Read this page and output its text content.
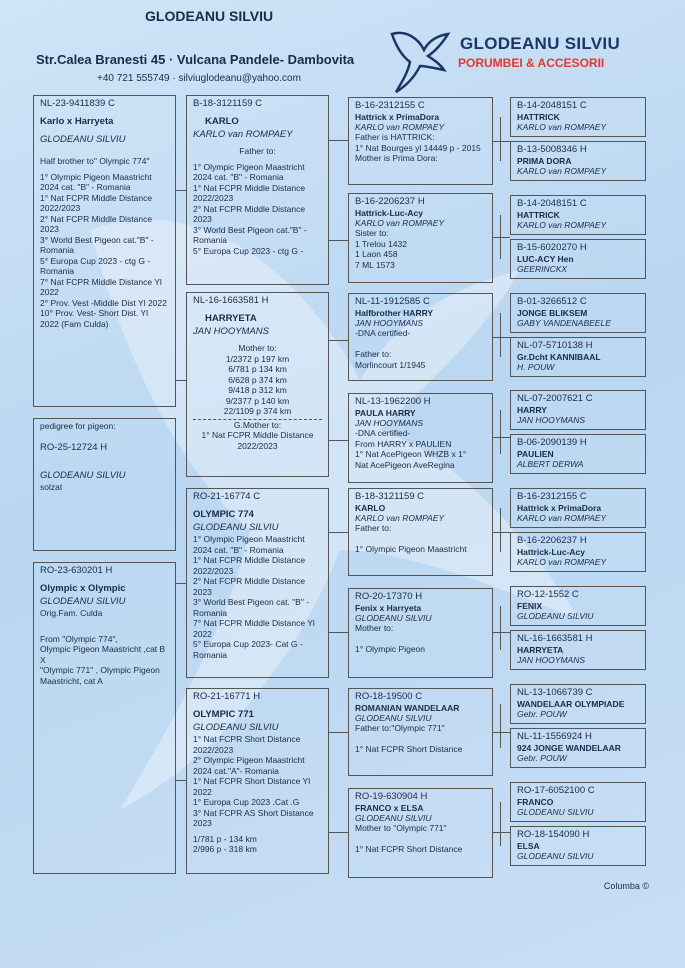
GLODEANU SILVIU
Str.Calea Branesti 45 · Vulcana Pandele- Dambovita
+40 721 555749 · silviuglodeanu@yahoo.com
GLODEANU SILVIU
PORUMBEI & ACCESORII
NL-23-9411839 C
Karlo x Harryeta
GLODEANU SILVIU
Half brother to" Olympic 774"
1° Olympic Pigeon Maastricht 2024 cat. "B" - Romania
1° Nat FCPR Middle Distance 2022/2023
2° Nat FCPR Middle Distance 2023
3° World Best Pigeon cat."B" - Romania
5° Europa Cup 2023 - ctg G - Romania
7° Nat FCPR Middle Distance Yl 2022
2° Prov. Vest -Middle Dist Yl 2022
10° Prov. Vest- Short Dist. Yl 2022 (Fam Culda)
pedigree for pigeon:
RO-25-12724 H
GLODEANU SILVIU
solzat
RO-23-630201 H
Olympic x Olympic
GLODEANU SILVIU
Orig.Fam. Culda
From "Olympic 774",
Olympic Pigeon Maastricht ,cat B
X
"Olympic 771" , Olympic Pigeon Maastricht, cat A
B-18-3121159 C
KARLO
KARLO van ROMPAEY
Father to:
1° Olympic Pigeon Maastricht 2024 cat. "B" - Romania
1° Nat FCPR Middle Distance 2022/2023
2° Nat FCPR Middle Distance 2023
3° World Best Pigeon cat."B" - Romania
5° Europa Cup 2023 - ctg G -
NL-16-1663581 H
HARRYETA
JAN HOOYMANS
Mother to:
1/2372 p 197 km
6/781 p 134 km
6/628 p 374 km
9/418 p 312 km
9/2377 p 140 km
22/1109 p 374 km
G.Mother to:
1° Nat FCPR Middle Distance 2022/2023
RO-21-16774 C
OLYMPIC 774
GLODEANU SILVIU
1° Olympic Pigeon Maastricht 2024 cat. "B" - Romania
1° Nat FCPR Middle Distance 2022/2023
2° Nat FCPR Middle Distance 2023
3° World Best Pigeon cat. "B" - Romania
7° Nat FCPR Middle Distance Yl 2022
5° Europa Cup 2023- Cat G - Romania
RO-21-16771 H
OLYMPIC 771
GLODEANU SILVIU
1° Nat FCPR Short Distance 2022/2023
2° Olympic Pigeon Maastricht 2024 cat."A"- Romania
1° Nat FCPR Short Distance Yl 2022
1° Europa Cup 2023 .Cat .G
3° Nat FCPR AS Short Distance 2023
1/781 p - 134 km
2/996 p - 318 km
B-16-2312155 C
Hattrick x PrimaDora
KARLO van ROMPAEY
Father is HATTRICK:
1° Nat Bourges yl 14449 p - 2015
Mother is Prima Dora:
B-16-2206237 H
Hattrick-Luc-Acy
KARLO van ROMPAEY
Sister to:
1 Trelou 1432
1 Laon 458
7 ML 1573
NL-11-1912585 C
Halfbrother HARRY
JAN HOOYMANS
-DNA certified-

Father to:
Morlincourt 1/1945
NL-13-1962200 H
PAULA HARRY
JAN HOOYMANS
-DNA certified-
From HARRY x PAULIEN
1° Nat AcePigeon WHZB x 1°
Nat AcePigeon AveRegina
B-18-3121159 C
KARLO
KARLO van ROMPAEY
Father to:

1° Olympic Pigeon Maastricht
RO-20-17370 H
Fenix x Harryeta
GLODEANU SILVIU
Mother to:

1° Olympic Pigeon
RO-18-19500 C
ROMANIAN WANDELAAR
GLODEANU SILVIU
Father to:"Olympic 771"

1° Nat FCPR Short Distance
RO-19-630904 H
FRANCO x ELSA
GLODEANU SILVIU
Mother to "Olympic 771"

1° Nat FCPR Short Distance
B-14-2048151 C
HATTRICK
KARLO van ROMPAEY
B-13-5008346 H
PRIMA DORA
KARLO van ROMPAEY
B-14-2048151 C
HATTRICK
KARLO van ROMPAEY
B-15-6020270 H
LUC-ACY Hen
GEERINCKX
B-01-3266512 C
JONGE BLIKSEM
GABY VANDENABEELE
NL-07-5710138 H
Gr.Dcht KANNIBAAL
H. POUW
NL-07-2007621 C
HARRY
JAN HOOYMANS
B-06-2090139 H
PAULIEN
ALBERT DERWA
B-16-2312155 C
Hattrick x PrimaDora
KARLO van ROMPAEY
B-16-2206237 H
Hattrick-Luc-Acy
KARLO van ROMPAEY
RO-12-1552 C
FENIX
GLODEANU SILVIU
NL-16-1663581 H
HARRYETA
JAN HOOYMANS
NL-13-1066739 C
WANDELAAR OLYMPIADE
Gebr. POUW
NL-11-1556924 H
924 JONGE WANDELAAR
Gebr. POUW
RO-17-6052100 C
FRANCO
GLODEANU SILVIU
RO-18-154090 H
ELSA
GLODEANU SILVIU
Columba ©
